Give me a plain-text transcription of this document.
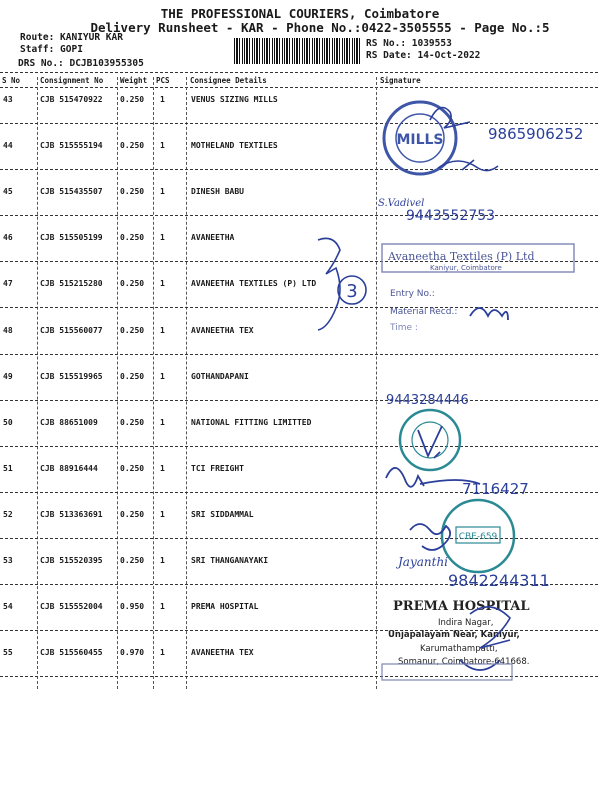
THE PROFESSIONAL COURIERS, Coimbatore
Delivery Runsheet - KAR - Phone No.:0422-3505555 - Page No.:5
Route: KANIYUR KAR
Staff: GOPI
DRS No.: DCJB103955305
RS No.: 1039553
RS Date: 14-Oct-2022
S No	Consignment No Weight PCS	Consignee Details	Signature
43	CJB 515470922 0.250 1	VENUS SIZING MILLS
44	CJB 515555194 0.250 1	MOTHELAND TEXTILES
45	CJB 515435507 0.250 1	DINESH BABU
46	CJB 515505199 0.250 1	AVANEETHA
47	CJB 515215280 0.250 1	AVANEETHA TEXTILES (P) LTD
48	CJB 515560077 0.250 1	AVANEETHA TEX
49	CJB 515519965 0.250 1	GOTHANDAPANI
50	CJB 88651009	0.250 1	NATIONAL FITTING LIMITTED
51	CJB 88916444	0.250 1	TCI FREIGHT
52	CJB 513363691 0.250 1	SRI SIDDAMMAL
53	CJB 515520395 0.250 1	SRI THANGANAYAKI
54	CJB 515552004 0.950 1	PREMA HOSPITAL
55	CJB 515560455 0.970 1	AVANEETHA TEX
MILLS	9865906252
S.Vadivel
9443552753
3
Avaneetha Textiles (P) Ltd
Kaniyur, Coimbatore
Entry No.:
Material Recd.:
Time :
9443284446
7116427
CBE-659
Jayanthi
9842244311
PREMA HOSPITAL
Indira Nagar,
Unjapalayam Near, Kaniyur,
Karumathampatti,
Somanur, Coimbatore-641668.
